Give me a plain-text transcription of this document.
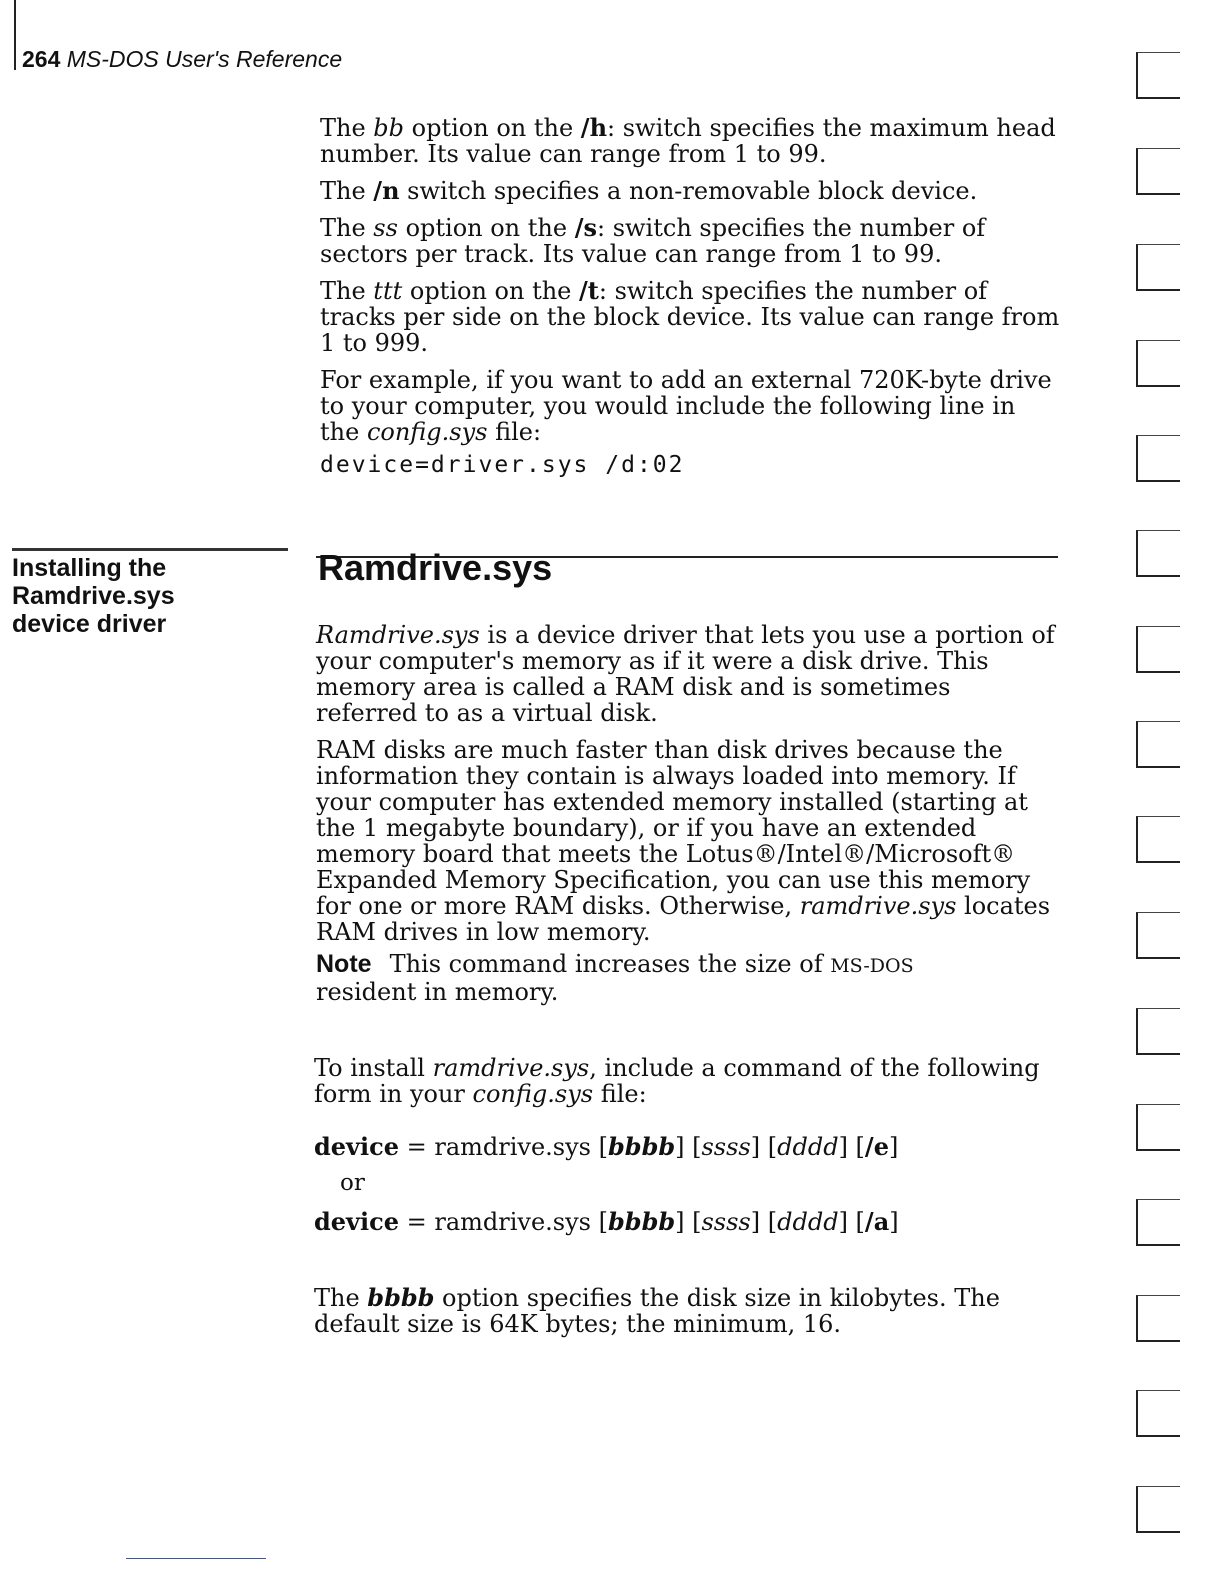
264 MS-DOS User's Reference

The bb option on the /h: switch specifies the maximum head number. Its value can range from 1 to 99.

The /n switch specifies a non-removable block device.

The ss option on the /s: switch specifies the number of sectors per track. Its value can range from 1 to 99.

The ttt option on the /t: switch specifies the number of tracks per side on the block device. Its value can range from 1 to 999.

For example, if you want to add an external 720K-byte drive to your computer, you would include the following line in the config.sys file:

device=driver.sys /d:02
Installing the Ramdrive.sys device driver
Ramdrive.sys

Ramdrive.sys is a device driver that lets you use a portion of your computer's memory as if it were a disk drive. This memory area is called a RAM disk and is sometimes referred to as a virtual disk.

RAM disks are much faster than disk drives because the information they contain is always loaded into memory. If your computer has extended memory installed (starting at the 1 megabyte boundary), or if you have an extended memory board that meets the Lotus®/Intel®/Microsoft® Expanded Memory Specification, you can use this memory for one or more RAM disks. Otherwise, ramdrive.sys locates RAM drives in low memory.

Note This command increases the size of MS-DOS resident in memory.

To install ramdrive.sys, include a command of the following form in your config.sys file:

device = ramdrive.sys [bbbb] [ssss] [dddd] [/e]
or
device = ramdrive.sys [bbbb] [ssss] [dddd] [/a]

The bbbb option specifies the disk size in kilobytes. The default size is 64K bytes; the minimum, 16.
